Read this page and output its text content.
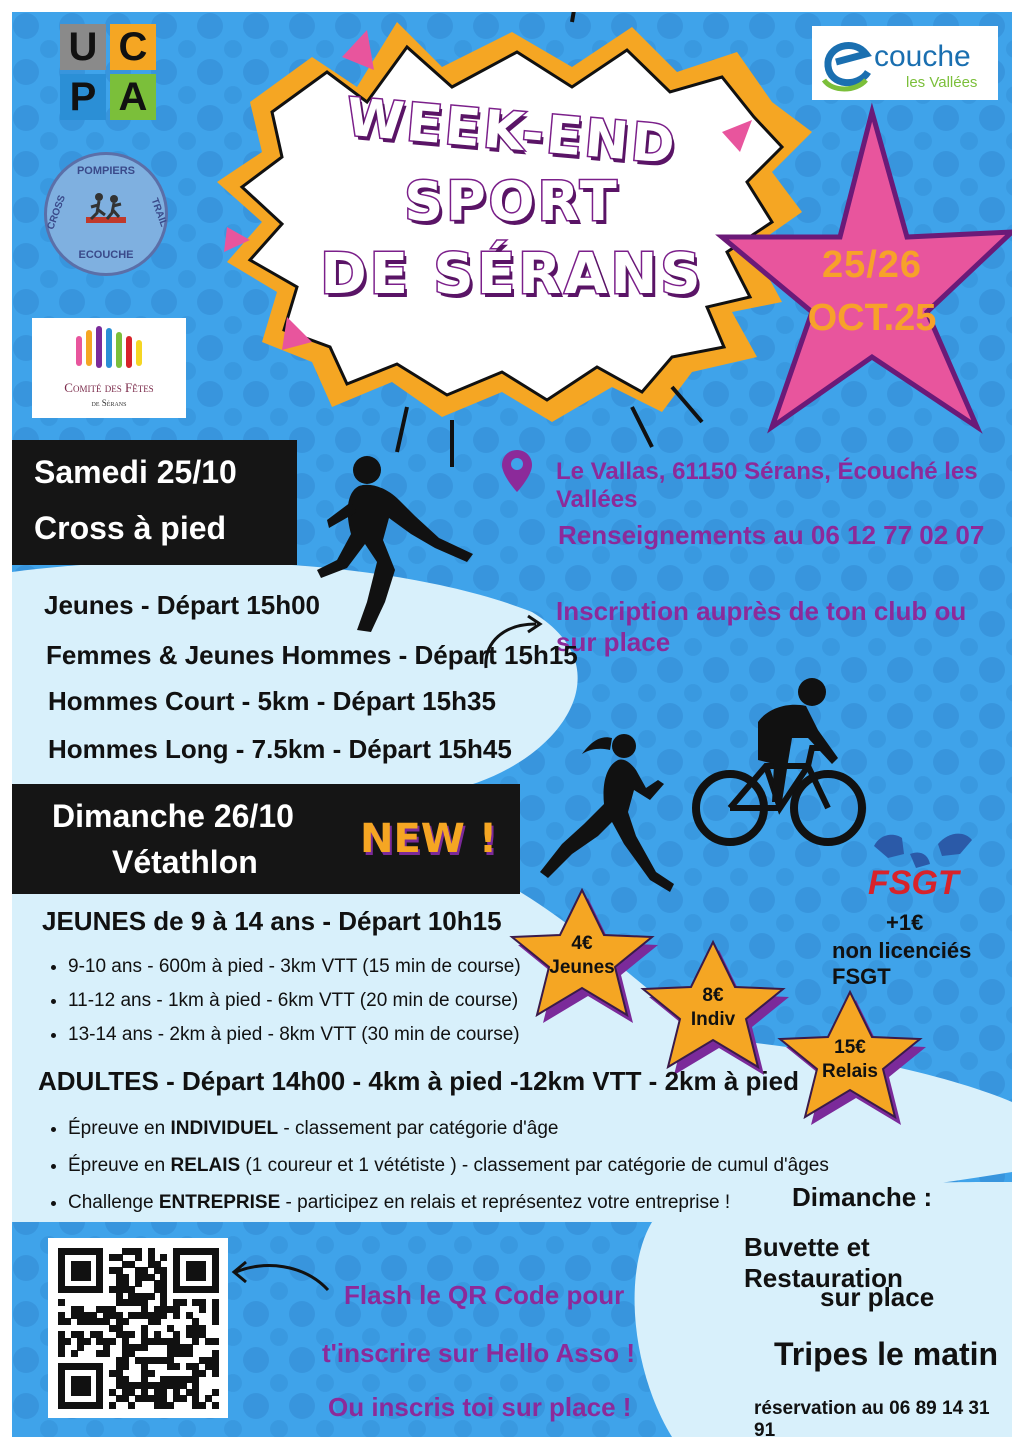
U C
P A
POMPIERS
CROSS	TRAIL
ECOUCHE
Comité des Fêtes
de Sérans
couche
les Vallées
WEEK-END
SPORT
DE SÉRANS	25/26
OCT.25
Samedi 25/10
Cross à pied
Le Vallas, 61150 Sérans, Écouché les Vallées
Renseignements au 06 12 77 02 07
Inscription auprès de ton club ou sur place
Jeunes - Départ 15h00
Femmes & Jeunes Hommes - Départ 15h15
Hommes Court - 5km - Départ 15h35
Hommes Long - 7.5km - Départ 15h45
FSGT
+1€
non licenciés FSGT
Dimanche 26/10
Vétathlon	NEW !
JEUNES de 9 à 14 ans - Départ 10h15
• 9-10 ans - 600m à pied - 3km VTT (15 min de course)
• 11-12 ans - 1km à pied - 6km VTT (20 min de course)
• 13-14 ans - 2km à pied - 8km VTT (30 min de course)
ADULTES - Départ 14h00 - 4km à pied -12km VTT - 2km à pied
• Épreuve en INDIVIDUEL - classement par catégorie d'âge
• Épreuve en RELAIS (1 coureur et 1 vététiste ) - classement par catégorie de cumul d'âges
• Challenge ENTREPRISE - participez en relais et représentez votre entreprise !
4€
Jeunes
8€
Indiv
15€
Relais
Flash le QR Code pour
t'inscrire sur Hello Asso !
Ou inscris toi sur place !
Dimanche :
Buvette et Restauration
sur place
Tripes le matin
réservation au 06 89 14 31 91
